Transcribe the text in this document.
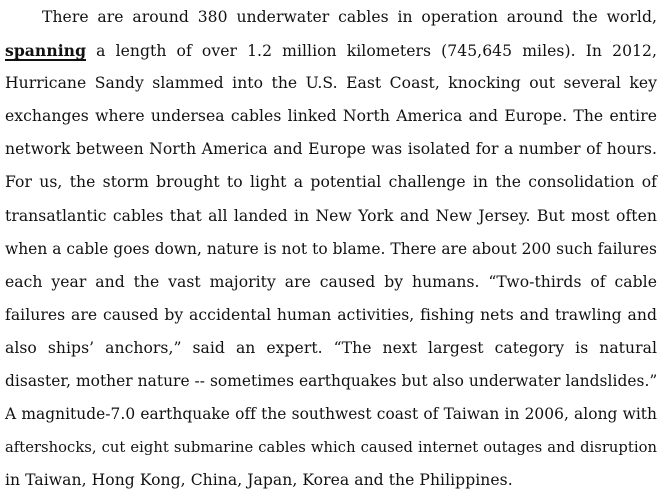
There are around 380 underwater cables in operation around the world,
spanning a length of over 1.2 million kilometers (745,645 miles). In 2012,
Hurricane Sandy slammed into the U.S. East Coast, knocking out several key
exchanges where undersea cables linked North America and Europe. The entire
network between North America and Europe was isolated for a number of hours.
For us, the storm brought to light a potential challenge in the consolidation of
transatlantic cables that all landed in New York and New Jersey. But most often
when a cable goes down, nature is not to blame. There are about 200 such failures
each year and the vast majority are caused by humans. “Two-thirds of cable
failures are caused by accidental human activities, fishing nets and trawling and
also ships’ anchors,” said an expert. “The next largest category is natural
disaster, mother nature -- sometimes earthquakes but also underwater landslides.”
A magnitude-7.0 earthquake off the southwest coast of Taiwan in 2006, along with
aftershocks, cut eight submarine cables which caused internet outages and disruption
in Taiwan, Hong Kong, China, Japan, Korea and the Philippines.
